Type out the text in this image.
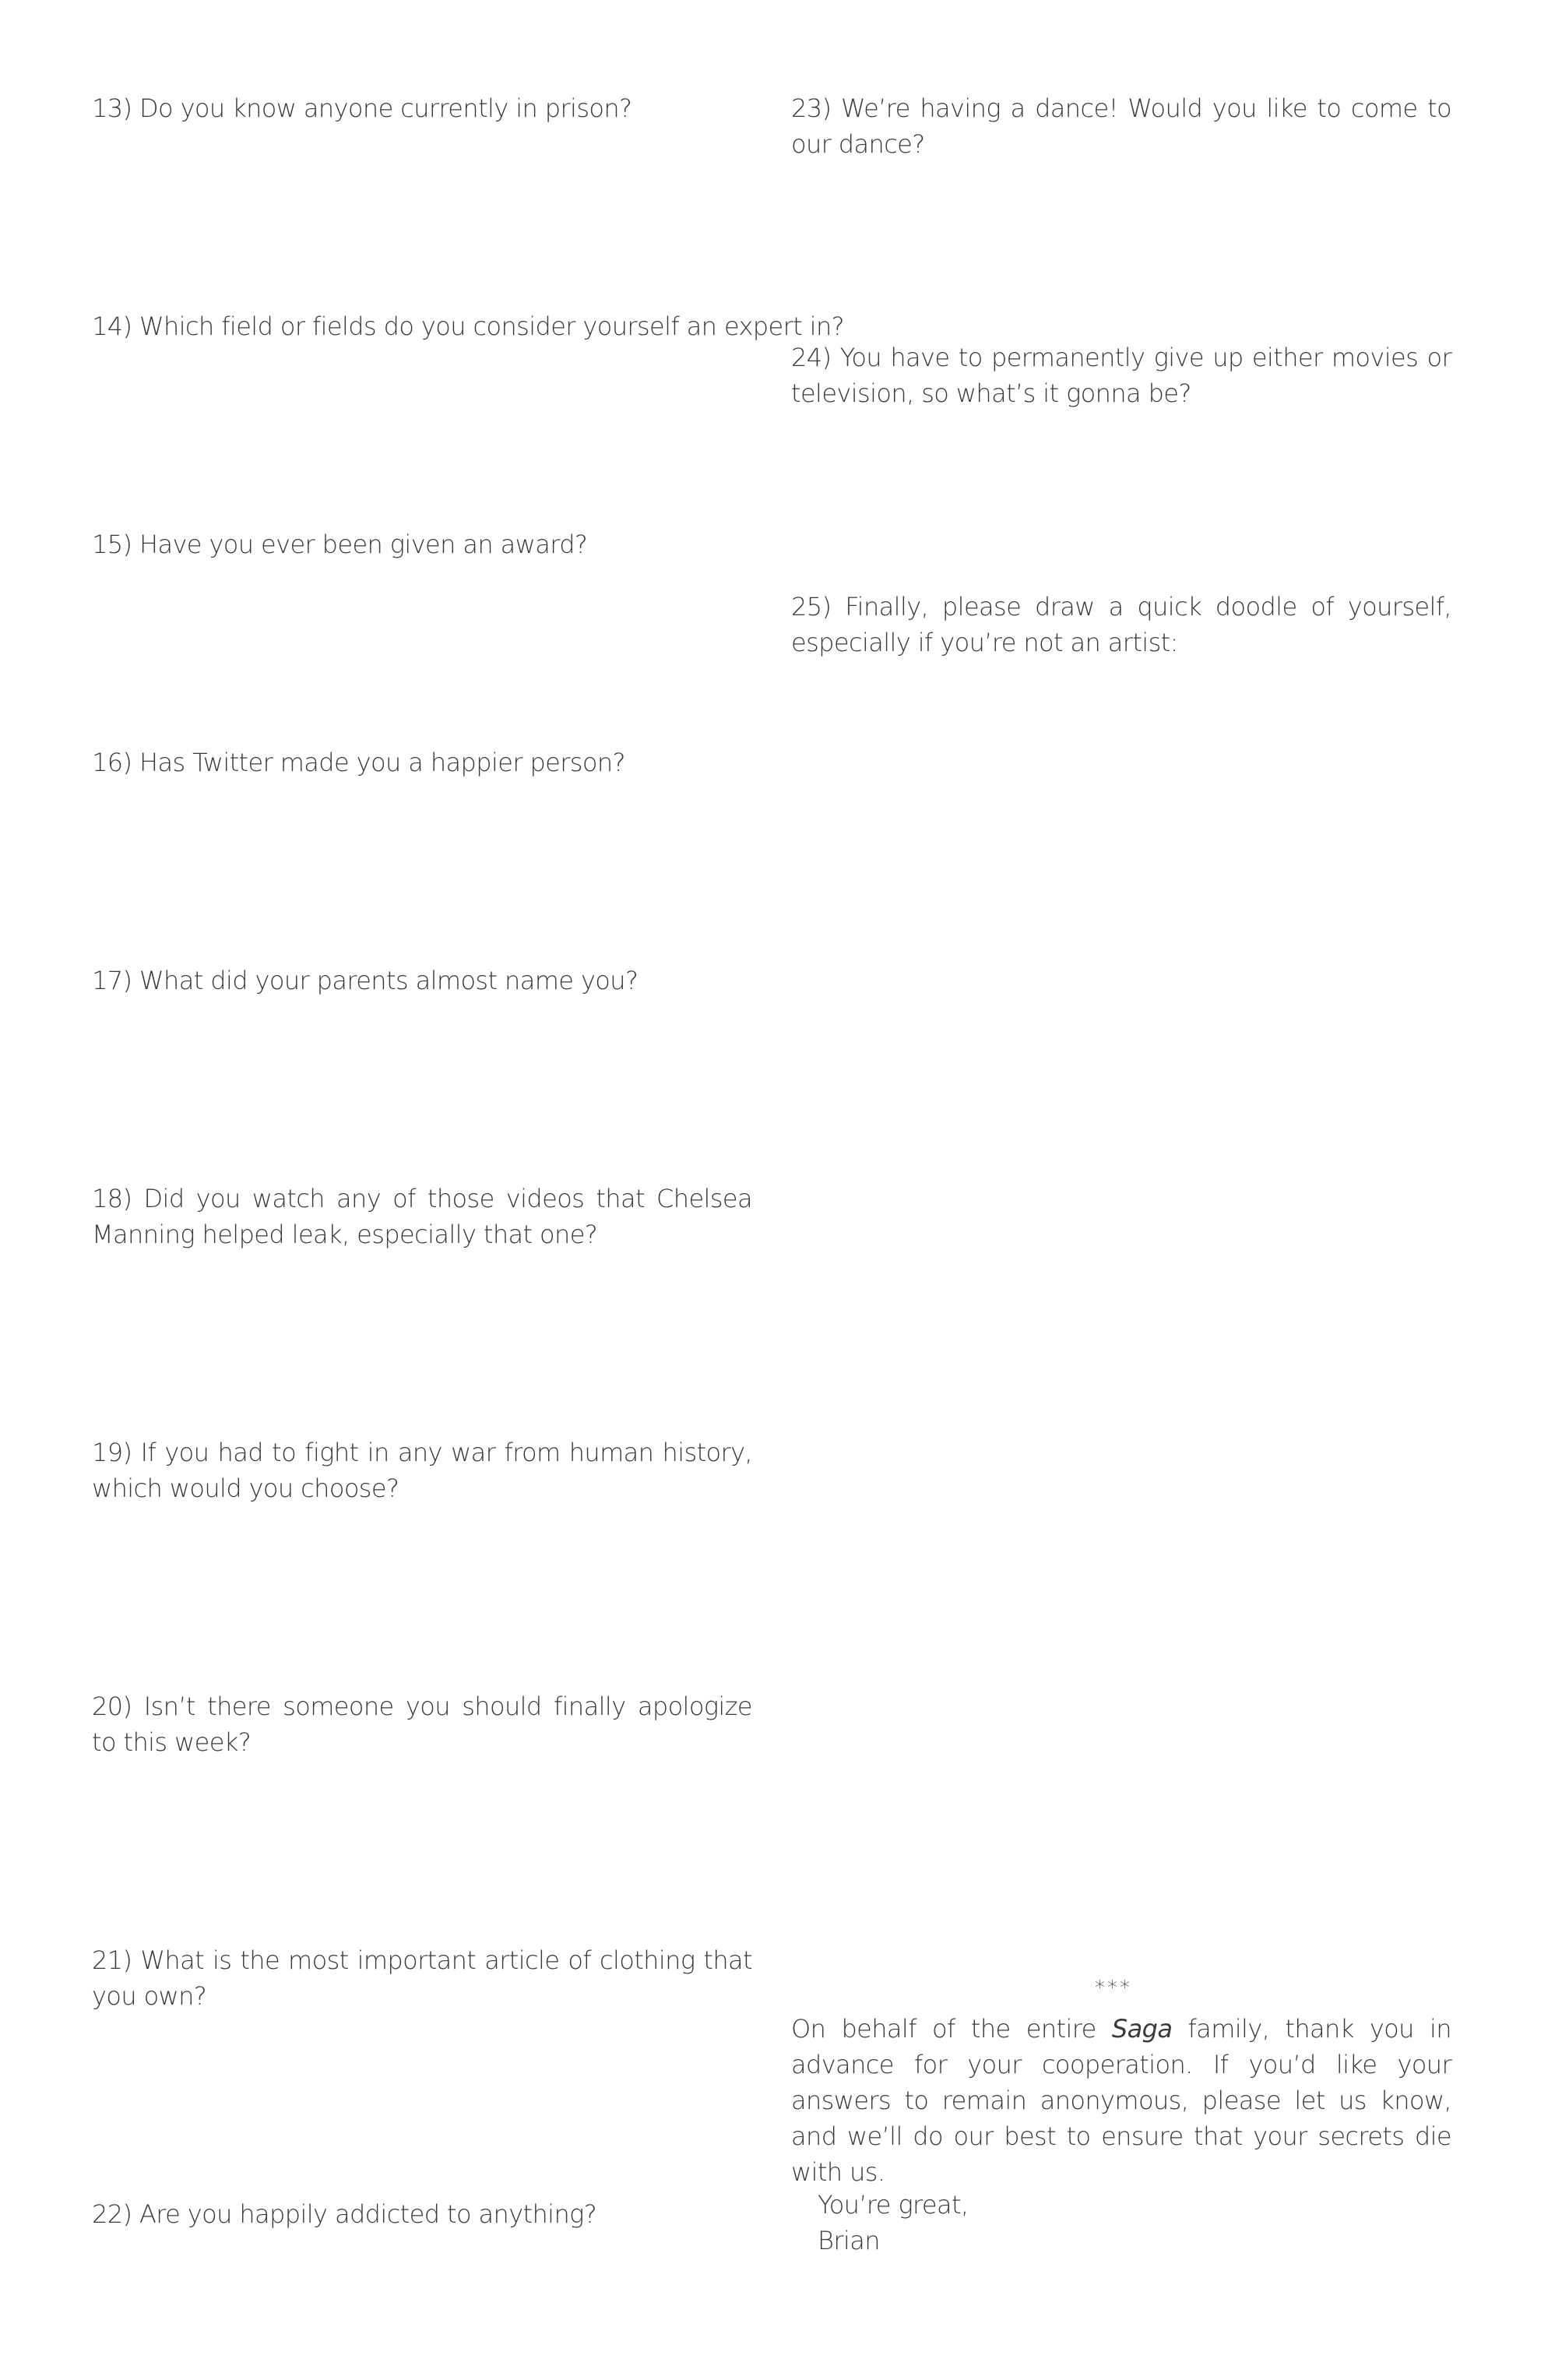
13) Do you know anyone currently in prison?

14) Which field or fields do you consider yourself an expert in?

15) Have you ever been given an award?

16) Has Twitter made you a happier person?

17) What did your parents almost name you?

18) Did you watch any of those videos that Chelsea Manning helped leak, especially that one?

19) If you had to fight in any war from human history, which would you choose?

20) Isn’t there someone you should finally apologize to this week?

21) What is the most important article of clothing that you own?

22) Are you happily addicted to anything?

23) We’re having a dance! Would you like to come to our dance?

24) You have to permanently give up either movies or television, so what’s it gonna be?

25) Finally, please draw a quick doodle of yourself, especially if you’re not an artist:

***

On behalf of the entire Saga family, thank you in advance for your cooperation. If you’d like your answers to remain anonymous, please let us know, and we’ll do our best to ensure that your secrets die with us.

You’re great,

Brian
